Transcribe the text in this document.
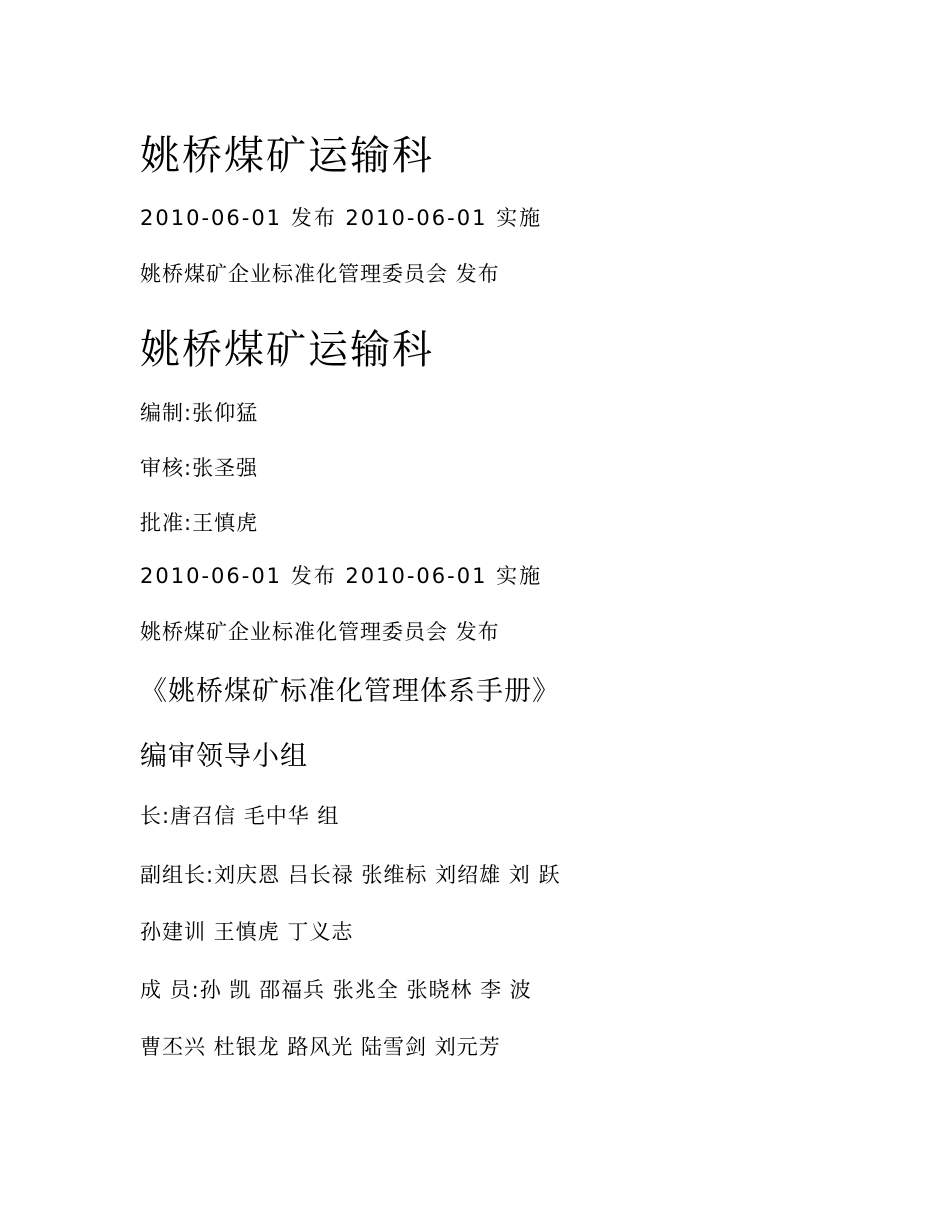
姚桥煤矿运输科
2010-06-01 发布 2010-06-01 实施
姚桥煤矿企业标准化管理委员会 发布
姚桥煤矿运输科
编制:张仰猛
审核:张圣强
批准:王慎虎
2010-06-01 发布 2010-06-01 实施
姚桥煤矿企业标准化管理委员会 发布
《姚桥煤矿标准化管理体系手册》
编审领导小组
长:唐召信 毛中华 组
副组长:刘庆恩 吕长禄 张维标 刘绍雄 刘 跃
孙建训 王慎虎 丁义志
成 员:孙 凯 邵福兵 张兆全 张晓林 李 波
曹丕兴 杜银龙 路风光 陆雪剑 刘元芳
